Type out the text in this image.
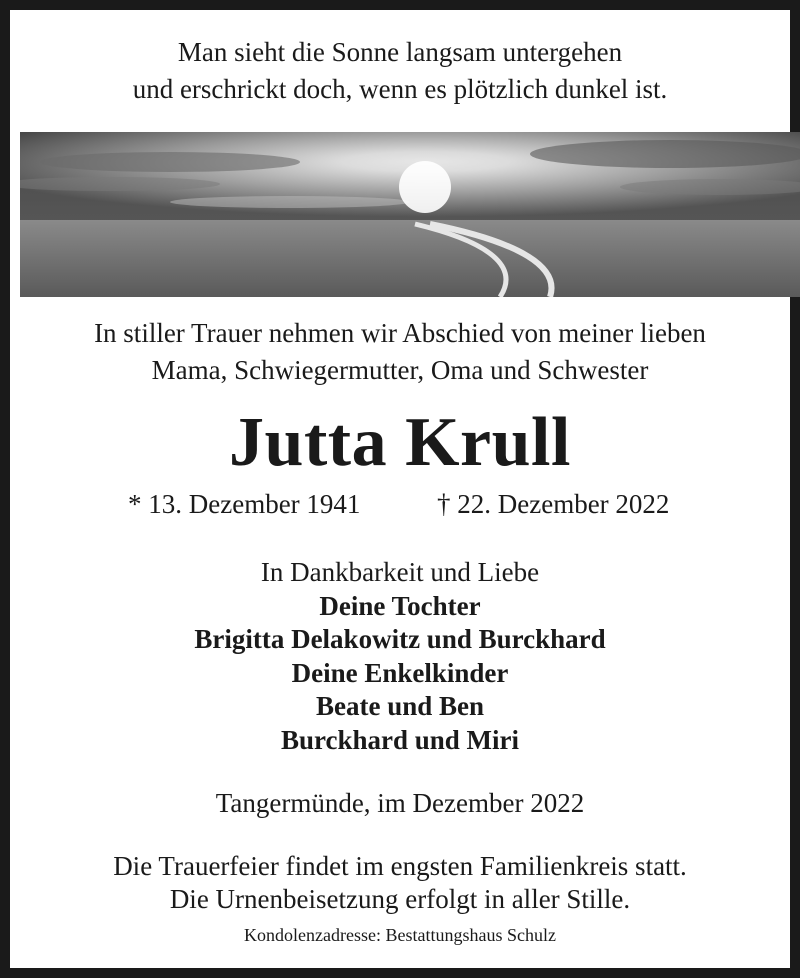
Man sieht die Sonne langsam untergehen
und erschrickt doch, wenn es plötzlich dunkel ist.
In stiller Trauer nehmen wir Abschied von meiner lieben
Mama, Schwiegermutter, Oma und Schwester
Jutta Krull
* 13. Dezember 1941	† 22. Dezember 2022
In Dankbarkeit und Liebe
Deine Tochter
Brigitta Delakowitz und Burckhard
Deine Enkelkinder
Beate und Ben
Burckhard und Miri
Tangermünde, im Dezember 2022
Die Trauerfeier findet im engsten Familienkreis statt.
Die Urnenbeisetzung erfolgt in aller Stille.
Kondolenzadresse: Bestattungshaus Schulz
